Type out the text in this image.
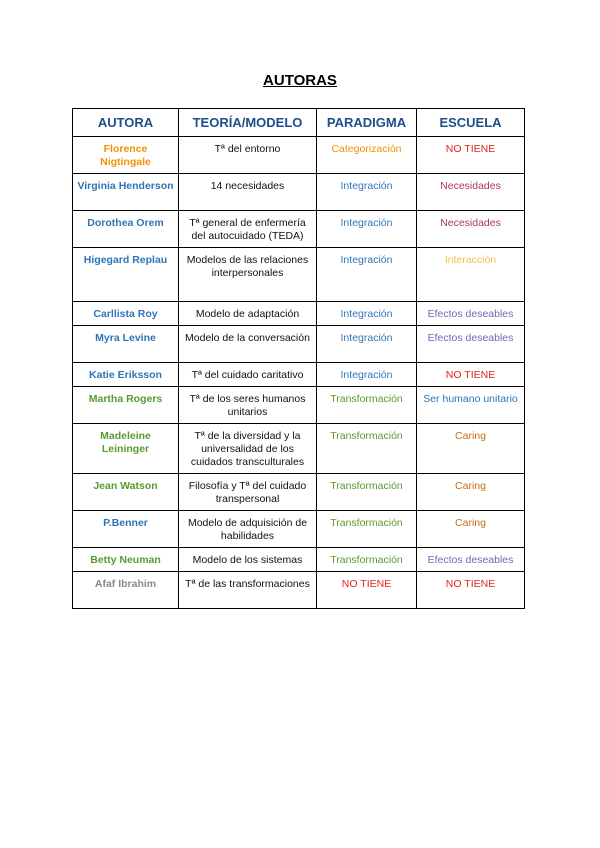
AUTORAS
AUTORA	TEORÍA/MODELO	PARADIGMA	ESCUELA
Florence Nigtingale	Tª del entorno	Categorización	NO TIENE
Virginia Henderson	14 necesidades	Integración	Necesidades
Dorothea Orem	Tª general de enfermería del autocuidado (TEDA)	Integración	Necesidades
Higegard Replau	Modelos de las relaciones interpersonales	Integración	Interacción
Carllista Roy	Modelo de adaptación	Integración	Efectos deseables
Myra Levine	Modelo de la conversación	Integración	Efectos deseables
Katie Eriksson	Tª del cuidado caritativo	Integración	NO TIENE
Martha Rogers	Tª de los seres humanos unitarios	Transformación	Ser humano unitario
Madeleine Leininger	Tª de la diversidad y la universalidad de los cuidados transculturales	Transformación	Caring
Jean Watson	Filosofía y Tª del cuidado transpersonal	Transformación	Caring
P.Benner	Modelo de adquisición de habilidades	Transformación	Caring
Betty Neuman	Modelo de los sistemas	Transformación	Efectos deseables
Afaf Ibrahim	Tª de las transformaciones	NO TIENE	NO TIENE
